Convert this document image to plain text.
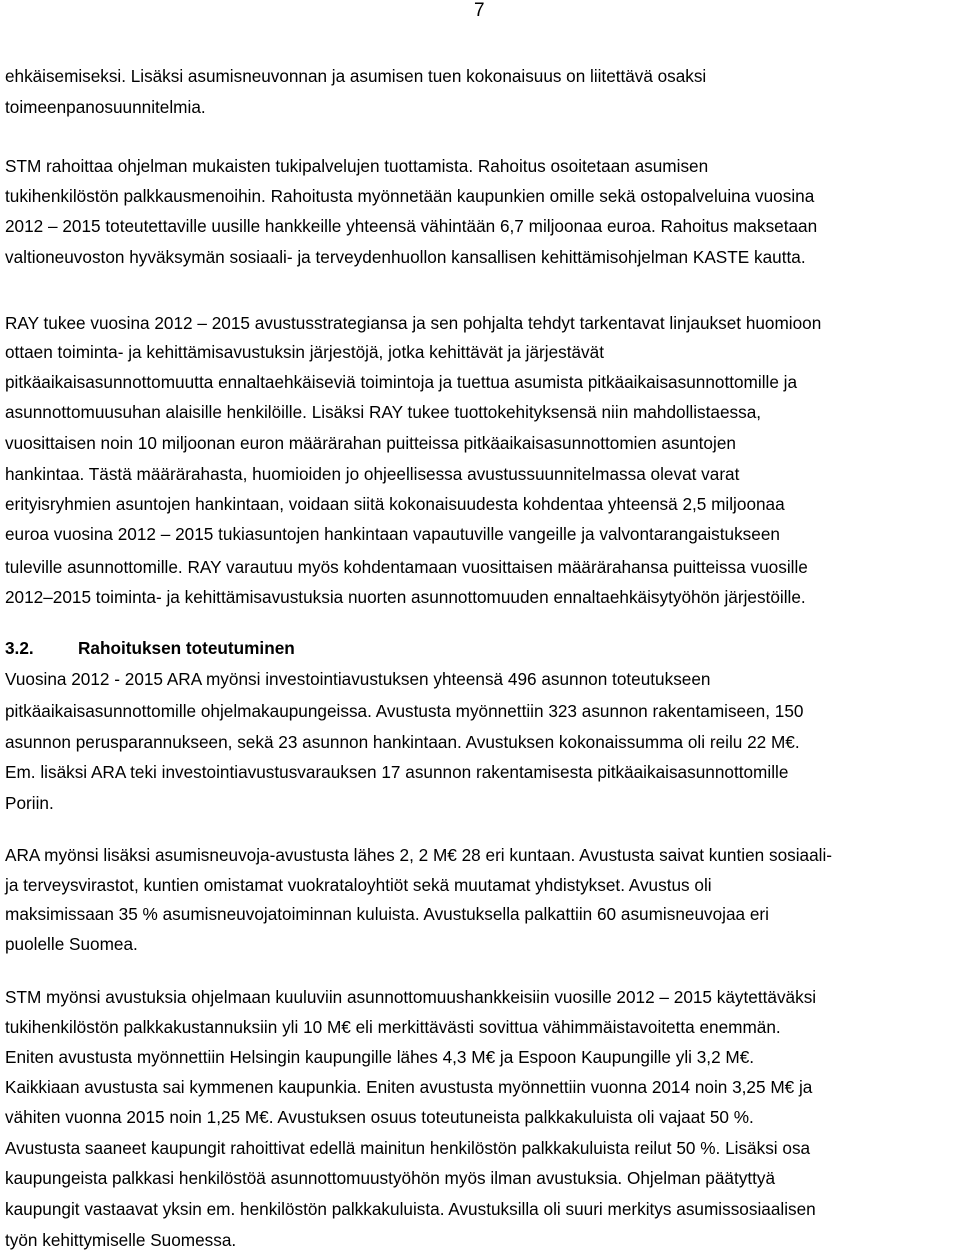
7
ehkäisemiseksi. Lisäksi asumisneuvonnan ja asumisen tuen kokonaisuus on liitettävä osaksi
toimeenpanosuunnitelmia.
STM rahoittaa ohjelman mukaisten tukipalvelujen tuottamista. Rahoitus osoitetaan asumisen
tukihenkilöstön palkkausmenoihin. Rahoitusta myönnetään kaupunkien omille sekä ostopalveluina vuosina
2012 – 2015 toteutettaville uusille hankkeille yhteensä vähintään 6,7 miljoonaa euroa. Rahoitus maksetaan
valtioneuvoston hyväksymän sosiaali- ja terveydenhuollon kansallisen kehittämisohjelman KASTE kautta.
RAY tukee vuosina 2012 – 2015 avustusstrategiansa ja sen pohjalta tehdyt tarkentavat linjaukset huomioon
ottaen toiminta- ja kehittämisavustuksin järjestöjä, jotka kehittävät ja järjestävät
pitkäaikaisasunnottomuutta ennaltaehkäiseviä toimintoja ja tuettua asumista pitkäaikaisasunnottomille ja
asunnottomuusuhan alaisille henkilöille. Lisäksi RAY tukee tuottokehityksensä niin mahdollistaessa,
vuosittaisen noin 10 miljoonan euron määrärahan puitteissa pitkäaikaisasunnottomien asuntojen
hankintaa. Tästä määrärahasta, huomioiden jo ohjeellisessa avustussuunnitelmassa olevat varat
erityisryhmien asuntojen hankintaan, voidaan siitä kokonaisuudesta kohdentaa yhteensä 2,5 miljoonaa
euroa vuosina 2012 – 2015 tukiasuntojen hankintaan vapautuville vangeille ja valvontarangaistukseen
tuleville asunnottomille. RAY varautuu myös kohdentamaan vuosittaisen määrärahansa puitteissa vuosille
2012–2015 toiminta- ja kehittämisavustuksia nuorten asunnottomuuden ennaltaehkäisytyöhön järjestöille.
3.2.	Rahoituksen toteutuminen
Vuosina 2012 - 2015 ARA myönsi investointiavustuksen yhteensä 496 asunnon toteutukseen
pitkäaikaisasunnottomille ohjelmakaupungeissa. Avustusta myönnettiin 323 asunnon rakentamiseen, 150
asunnon perusparannukseen, sekä 23 asunnon hankintaan. Avustuksen kokonaissumma oli reilu 22 M€.
Em. lisäksi ARA teki investointiavustusvarauksen 17 asunnon rakentamisesta pitkäaikaisasunnottomille
Poriin.
ARA myönsi lisäksi asumisneuvoja-avustusta lähes 2, 2 M€ 28 eri kuntaan. Avustusta saivat kuntien sosiaali-
ja terveysvirastot, kuntien omistamat vuokrataloyhtiöt sekä muutamat yhdistykset. Avustus oli
maksimissaan 35 % asumisneuvojatoiminnan kuluista. Avustuksella palkattiin 60 asumisneuvojaa eri
puolelle Suomea.
STM myönsi avustuksia ohjelmaan kuuluviin asunnottomuushankkeisiin vuosille 2012 – 2015 käytettäväksi
tukihenkilöstön palkkakustannuksiin yli 10 M€ eli merkittävästi sovittua vähimmäistavoitetta enemmän.
Eniten avustusta myönnettiin Helsingin kaupungille lähes 4,3 M€ ja Espoon Kaupungille yli 3,2 M€.
Kaikkiaan avustusta sai kymmenen kaupunkia. Eniten avustusta myönnettiin vuonna 2014 noin 3,25 M€ ja
vähiten vuonna 2015 noin 1,25 M€. Avustuksen osuus toteutuneista palkkakuluista oli vajaat 50 %.
Avustusta saaneet kaupungit rahoittivat edellä mainitun henkilöstön palkkakuluista reilut 50 %. Lisäksi osa
kaupungeista palkkasi henkilöstöä asunnottomuustyöhön myös ilman avustuksia. Ohjelman päätyttyä
kaupungit vastaavat yksin em. henkilöstön palkkakuluista. Avustuksilla oli suuri merkitys asumissosiaalisen
työn kehittymiselle Suomessa.
